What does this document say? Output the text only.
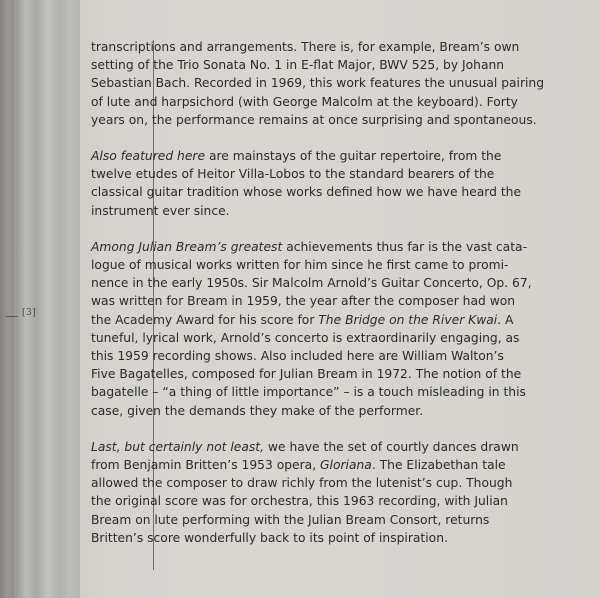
[3]

transcriptions and arrangements. There is, for example, Bream’s own
setting of the Trio Sonata No. 1 in E-flat Major, BWV 525, by Johann
Sebastian Bach. Recorded in 1969, this work features the unusual pairing
of lute and harpsichord (with George Malcolm at the keyboard). Forty
years on, the performance remains at once surprising and spontaneous.

Also featured here are mainstays of the guitar repertoire, from the
twelve etudes of Heitor Villa-Lobos to the standard bearers of the
classical guitar tradition whose works defined how we have heard the
instrument ever since.

Among Julian Bream’s greatest achievements thus far is the vast cata-
logue of musical works written for him since he first came to promi-
nence in the early 1950s. Sir Malcolm Arnold’s Guitar Concerto, Op. 67,
was written for Bream in 1959, the year after the composer had won
the Academy Award for his score for The Bridge on the River Kwai. A
tuneful, lyrical work, Arnold’s concerto is extraordinarily engaging, as
this 1959 recording shows. Also included here are William Walton’s
Five Bagatelles, composed for Julian Bream in 1972. The notion of the
bagatelle – “a thing of little importance” – is a touch misleading in this
case, given the demands they make of the performer.

Last, but certainly not least, we have the set of courtly dances drawn
from Benjamin Britten’s 1953 opera, Gloriana. The Elizabethan tale
allowed the composer to draw richly from the lutenist’s cup. Though
the original score was for orchestra, this 1963 recording, with Julian
Bream on lute performing with the Julian Bream Consort, returns
Britten’s score wonderfully back to its point of inspiration.
